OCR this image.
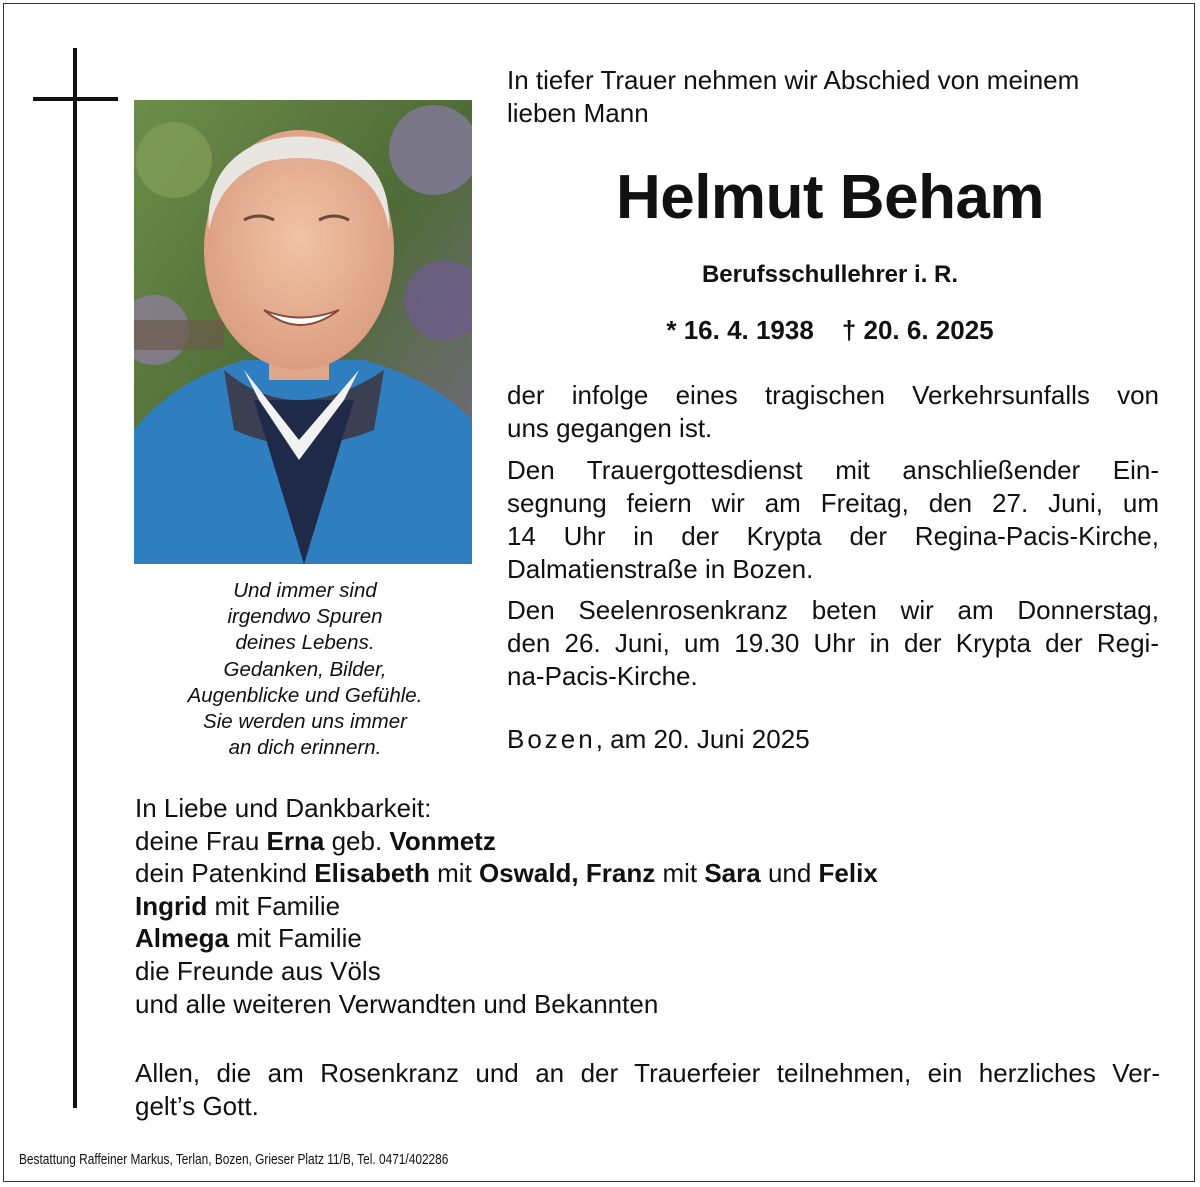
Und immer sind
irgendwo Spuren
deines Lebens.
Gedanken, Bilder,
Augenblicke und Gefühle.
Sie werden uns immer
an dich erinnern.
In tiefer Trauer nehmen wir Abschied von meinem
lieben Mann
Helmut Beham
Berufsschullehrer i. R.
* 16. 4. 1938 † 20. 6. 2025
der infolge eines tragischen Verkehrsunfalls von
uns gegangen ist.
Den Trauergottesdienst mit anschließender Ein-
segnung feiern wir am Freitag, den 27. Juni, um
14 Uhr in der Krypta der Regina-Pacis-Kirche,
Dalmatienstraße in Bozen.
Den Seelenrosenkranz beten wir am Donnerstag,
den 26. Juni, um 19.30 Uhr in der Krypta der Regi-
na-Pacis-Kirche.
Bozen, am 20. Juni 2025
In Liebe und Dankbarkeit:
deine Frau Erna geb. Vonmetz
dein Patenkind Elisabeth mit Oswald, Franz mit Sara und Felix
Ingrid mit Familie
Almega mit Familie
die Freunde aus Völs
und alle weiteren Verwandten und Bekannten
Allen, die am Rosenkranz und an der Trauerfeier teilnehmen, ein herzliches Ver-
gelt’s Gott.
Bestattung Raffeiner Markus, Terlan, Bozen, Grieser Platz 11/B, Tel. 0471/402286
